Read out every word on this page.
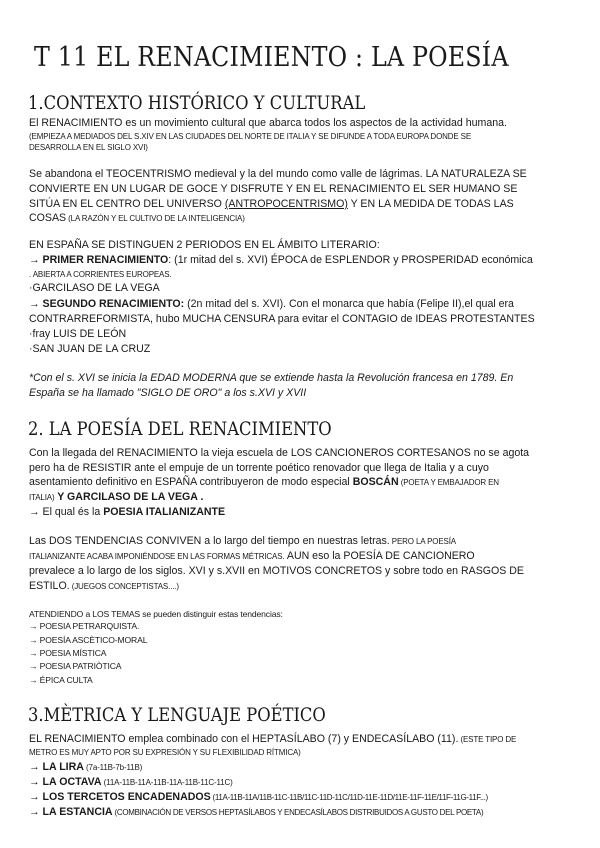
T 11 EL RENACIMIENTO : LA POESÍA
1.CONTEXTO HISTÓRICO Y CULTURAL
El RENACIMIENTO es un movimiento cultural que abarca todos los aspectos de la actividad humana.
(EMPIEZA A MEDIADOS DEL S.XIV EN LAS CIUDADES DEL NORTE DE ITALIA Y SE DIFUNDE A TODA EUROPA DONDE SE
DESARROLLA EN EL SIGLO XVI)
Se abandona el TEOCENTRISMO medieval y la del mundo como valle de lágrimas. LA NATURALEZA SE
CONVIERTE EN UN LUGAR DE GOCE Y DISFRUTE Y EN EL RENACIMIENTO EL SER HUMANO SE
SITÚA EN EL CENTRO DEL UNIVERSO (ANTROPOCENTRISMO) Y EN LA MEDIDA DE TODAS LAS
COSAS (LA RAZÓN Y EL CULTIVO DE LA INTELIGENCIA)
EN ESPAÑA SE DISTINGUEN 2 PERIODOS EN EL ÁMBITO LITERARIO:
→ PRIMER RENACIMIENTO: (1r mitad del s. XVI) ÉPOCA de ESPLENDOR y PROSPERIDAD económica
. ABIERTA A CORRIENTES EUROPEAS.
·GARCILASO DE LA VEGA
→ SEGUNDO RENACIMIENTO: (2n mitad del s. XVI). Con el monarca que había (Felipe II),el qual era
CONTRARREFORMISTA, hubo MUCHA CENSURA para evitar el CONTAGIO de IDEAS PROTESTANTES
·fray LUIS DE LEÓN
·SAN JUAN DE LA CRUZ
*Con el s. XVI se inicia la EDAD MODERNA que se extiende hasta la Revolución francesa en 1789. En
España se ha llamado "SIGLO DE ORO" a los s.XVI y XVII
2. LA POESÍA DEL RENACIMIENTO
Con la llegada del RENACIMIENTO la vieja escuela de LOS CANCIONEROS CORTESANOS no se agota
pero ha de RESISTIR ante el empuje de un torrente poético renovador que llega de Italia y a cuyo
asentamiento definitivo en ESPAÑA contribuyeron de modo especial BOSCÁN (POETA Y EMBAJADOR EN
ITALIA) Y GARCILASO DE LA VEGA .
→ El qual és la POESIA ITALIANIZANTE
Las DOS TENDENCIAS CONVIVEN a lo largo del tiempo en nuestras letras. PERO LA POESÍA
ITALIANIZANTE ACABA IMPONIÉNDOSE EN LAS FORMAS MÉTRICAS. AUN eso la POESÍA DE CANCIONERO
prevalece a lo largo de los siglos. XVI y s.XVII en MOTIVOS CONCRETOS y sobre todo en RASGOS DE
ESTILO. (JUEGOS CONCEPTISTAS....)
ATENDIENDO a LOS TEMAS se pueden distinguir estas tendencias:
→ POESIA PETRARQUISTA.
→ POESÍA ASCÈTICO-MORAL
→ POESIA MÍSTICA
→ POESIA PATRIÒTICA
→ ÉPICA CULTA
3.MÈTRICA Y LENGUAJE POÉTICO
EL RENACIMIENTO emplea combinado con el HEPTASÍLABO (7) y ENDECASÍLABO (11). (ESTE TIPO DE
METRO ES MUY APTO POR SU EXPRESIÓN Y SU FLEXIBILIDAD RÍTMICA)
→ LA LIRA (7a-11B-7b-11B)
→ LA OCTAVA (11A-11B-11A-11B-11A-11B-11C-11C)
→ LOS TERCETOS ENCADENADOS (11A-11B-11A/11B-11C-11B/11C-11D-11C/11D-11E-11D/11E-11F-11E/11F-11G-11F...)
→ LA ESTANCIA (COMBINACIÓN DE VERSOS HEPTASÍLABOS Y ENDECASÍLABOS DISTRIBUIDOS A GUSTO DEL POETA)
